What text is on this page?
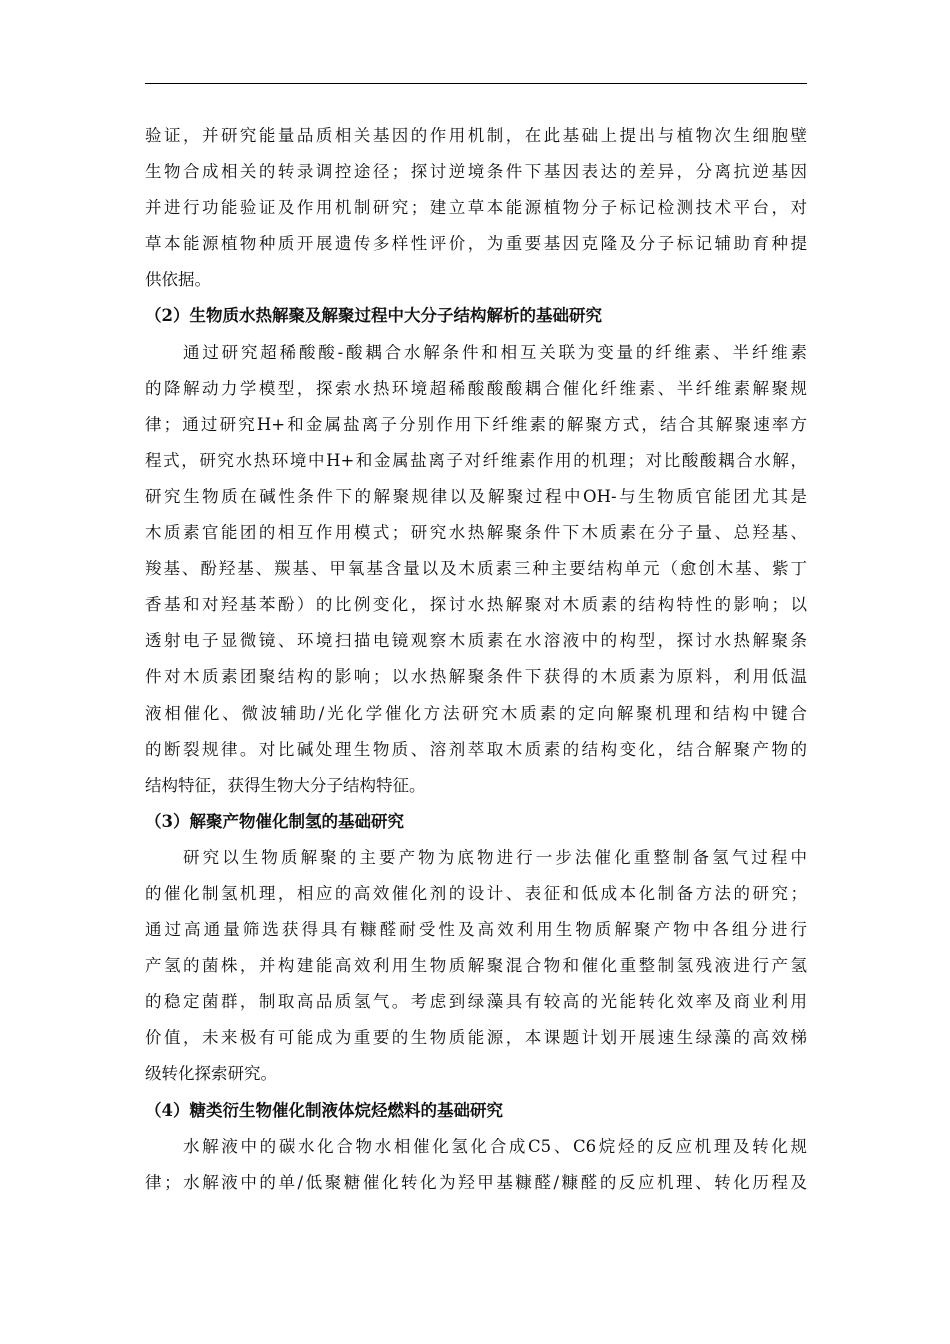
验证，并研究能量品质相关基因的作用机制，在此基础上提出与植物次生细胞壁
生物合成相关的转录调控途径；探讨逆境条件下基因表达的差异，分离抗逆基因
并进行功能验证及作用机制研究；建立草本能源植物分子标记检测技术平台，对
草本能源植物种质开展遗传多样性评价，为重要基因克隆及分子标记辅助育种提
供依据。
（2）生物质水热解聚及解聚过程中大分子结构解析的基础研究
通过研究超稀酸酸-酸耦合水解条件和相互关联为变量的纤维素、半纤维素
的降解动力学模型，探索水热环境超稀酸酸酸耦合催化纤维素、半纤维素解聚规
律；通过研究H+和金属盐离子分别作用下纤维素的解聚方式，结合其解聚速率方
程式，研究水热环境中H+和金属盐离子对纤维素作用的机理；对比酸酸耦合水解，
研究生物质在碱性条件下的解聚规律以及解聚过程中OH-与生物质官能团尤其是
木质素官能团的相互作用模式；研究水热解聚条件下木质素在分子量、总羟基、
羧基、酚羟基、羰基、甲氧基含量以及木质素三种主要结构单元（愈创木基、紫丁
香基和对羟基苯酚）的比例变化，探讨水热解聚对木质素的结构特性的影响；以
透射电子显微镜、环境扫描电镜观察木质素在水溶液中的构型，探讨水热解聚条
件对木质素团聚结构的影响；以水热解聚条件下获得的木质素为原料，利用低温
液相催化、微波辅助/光化学催化方法研究木质素的定向解聚机理和结构中键合
的断裂规律。对比碱处理生物质、溶剂萃取木质素的结构变化，结合解聚产物的
结构特征，获得生物大分子结构特征。
（3）解聚产物催化制氢的基础研究
研究以生物质解聚的主要产物为底物进行一步法催化重整制备氢气过程中
的催化制氢机理，相应的高效催化剂的设计、表征和低成本化制备方法的研究；
通过高通量筛选获得具有糠醛耐受性及高效利用生物质解聚产物中各组分进行
产氢的菌株，并构建能高效利用生物质解聚混合物和催化重整制氢残液进行产氢
的稳定菌群，制取高品质氢气。考虑到绿藻具有较高的光能转化效率及商业利用
价值，未来极有可能成为重要的生物质能源，本课题计划开展速生绿藻的高效梯
级转化探索研究。
（4）糖类衍生物催化制液体烷烃燃料的基础研究
水解液中的碳水化合物水相催化氢化合成C5、C6烷烃的反应机理及转化规
律；水解液中的单/低聚糖催化转化为羟甲基糠醛/糠醛的反应机理、转化历程及
